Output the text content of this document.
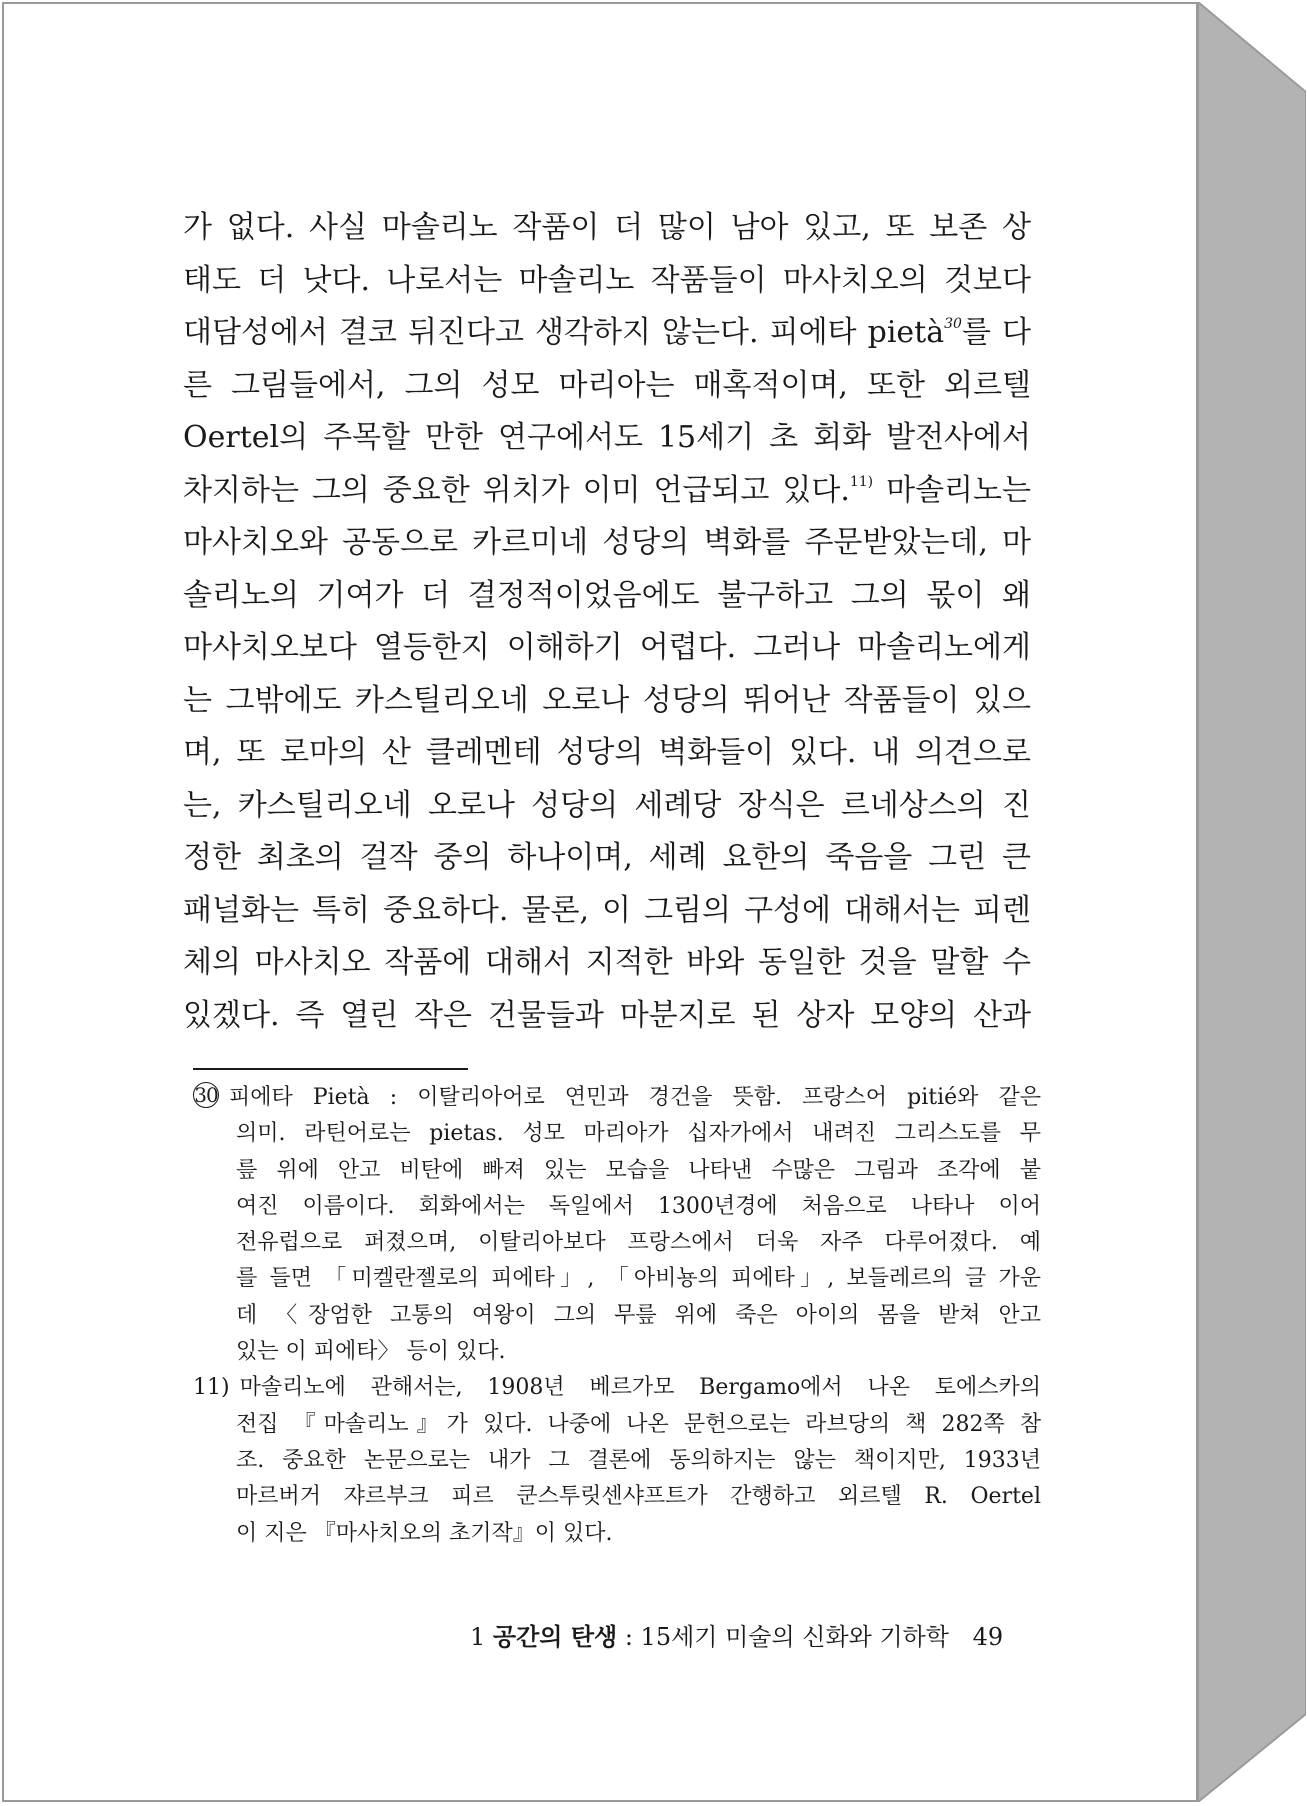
가 없다. 사실 마솔리노 작품이 더 많이 남아 있고, 또 보존 상
태도 더 낫다. 나로서는 마솔리노 작품들이 마사치오의 것보다
대담성에서 결코 뒤진다고 생각하지 않는다. 피에타 pietà$^{30}$를 다
른 그림들에서, 그의 성모 마리아는 매혹적이며, 또한 외르텔
Oertel의 주목할 만한 연구에서도 15세기 초 회화 발전사에서
차지하는 그의 중요한 위치가 이미 언급되고 있다.$^{11)}$ 마솔리노는
마사치오와 공동으로 카르미네 성당의 벽화를 주문받았는데, 마
솔리노의 기여가 더 결정적이었음에도 불구하고 그의 몫이 왜
마사치오보다 열등한지 이해하기 어렵다. 그러나 마솔리노에게
는 그밖에도 카스틸리오네 오로나 성당의 뛰어난 작품들이 있으
며, 또 로마의 산 클레멘테 성당의 벽화들이 있다. 내 의견으로
는, 카스틸리오네 오로나 성당의 세례당 장식은 르네상스의 진
정한 최초의 걸작 중의 하나이며, 세례 요한의 죽음을 그린 큰
패널화는 특히 중요하다. 물론, 이 그림의 구성에 대해서는 피렌
체의 마사치오 작품에 대해서 지적한 바와 동일한 것을 말할 수
있겠다. 즉 열린 작은 건물들과 마분지로 된 상자 모양의 산과
30 피에타 Pietà : 이탈리아어로 연민과 경건을 뜻함. 프랑스어 pitié와 같은
의미. 라틴어로는 pietas. 성모 마리아가 십자가에서 내려진 그리스도를 무
릎 위에 안고 비탄에 빠져 있는 모습을 나타낸 수많은 그림과 조각에 붙
여진 이름이다. 회화에서는 독일에서 1300년경에 처음으로 나타나 이어
전유럽으로 퍼졌으며, 이탈리아보다 프랑스에서 더욱 자주 다루어졌다. 예
를 들면 「미켈란젤로의 피에타」, 「아비뇽의 피에타」, 보들레르의 글 가운
데 〈장엄한 고통의 여왕이 그의 무릎 위에 죽은 아이의 몸을 받쳐 안고
있는 이 피에타〉 등이 있다.
11) 마솔리노에 관해서는, 1908년 베르가모 Bergamo에서 나온 토에스카의
전집 『마솔리노』가 있다. 나중에 나온 문헌으로는 라브당의 책 282쪽 참
조. 중요한 논문으로는 내가 그 결론에 동의하지는 않는 책이지만, 1933년
마르버거 쟈르부크 피르 쿤스투릿센샤프트가 간행하고 외르텔 R. Oertel
이 지은 『마사치오의 초기작』이 있다.
1 공간의 탄생 : 15세기 미술의 신화와 기하학 49
